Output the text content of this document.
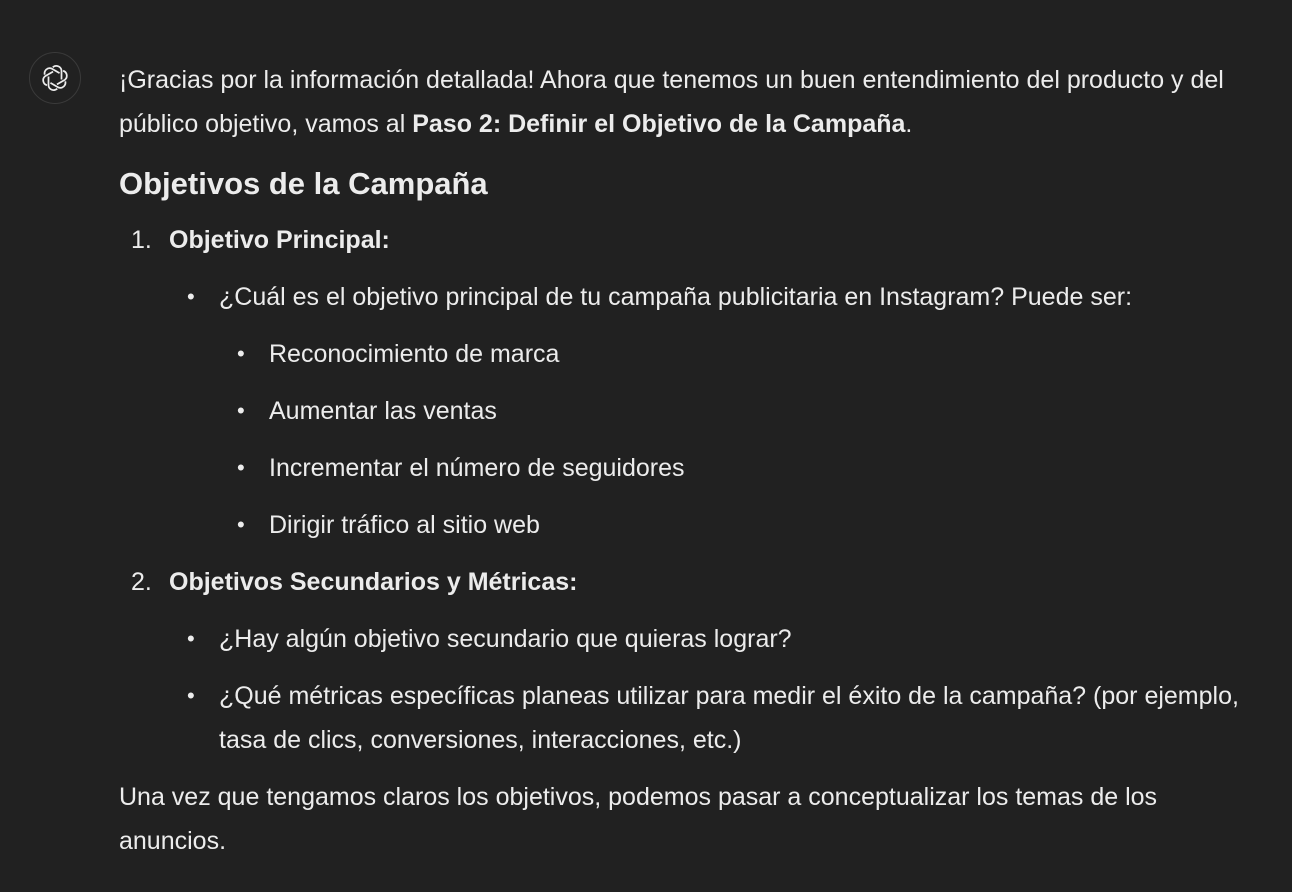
¡Gracias por la información detallada! Ahora que tenemos un buen entendimiento del producto y del público objetivo, vamos al Paso 2: Definir el Objetivo de la Campaña.

Objetivos de la Campaña
1. Objetivo Principal:
• ¿Cuál es el objetivo principal de tu campaña publicitaria en Instagram? Puede ser:
• Reconocimiento de marca
• Aumentar las ventas
• Incrementar el número de seguidores
• Dirigir tráfico al sitio web
2. Objetivos Secundarios y Métricas:
• ¿Hay algún objetivo secundario que quieras lograr?
• ¿Qué métricas específicas planeas utilizar para medir el éxito de la campaña? (por ejemplo, tasa de clics, conversiones, interacciones, etc.)

Una vez que tengamos claros los objetivos, podemos pasar a conceptualizar los temas de los anuncios.
